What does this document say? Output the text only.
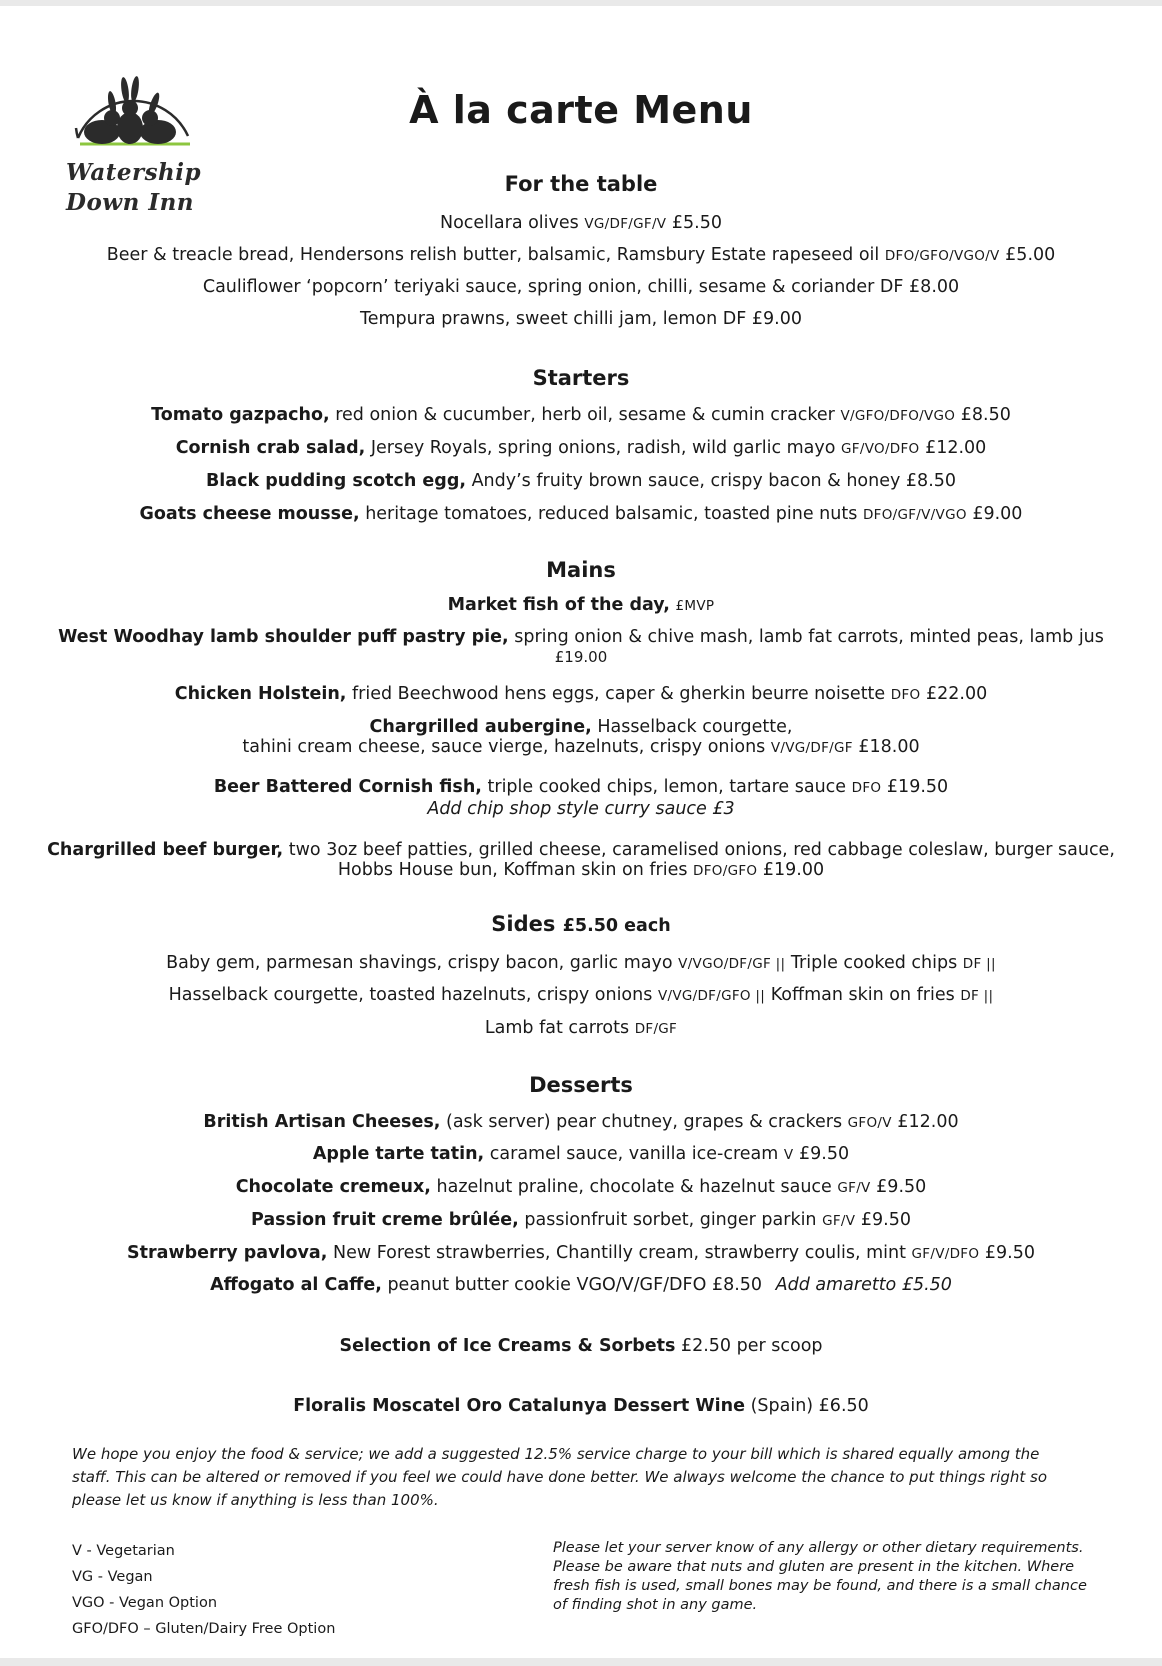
Watership
Down Inn
À la carte Menu
For the table
Nocellara olives VG/DF/GF/V £5.50
Beer & treacle bread, Hendersons relish butter, balsamic, Ramsbury Estate rapeseed oil DFO/GFO/VGO/V £5.00
Cauliflower ‘popcorn’ teriyaki sauce, spring onion, chilli, sesame & coriander DF £8.00
Tempura prawns, sweet chilli jam, lemon DF £9.00
Starters
Tomato gazpacho, red onion & cucumber, herb oil, sesame & cumin cracker V/GFO/DFO/VGO £8.50
Cornish crab salad, Jersey Royals, spring onions, radish, wild garlic mayo GF/VO/DFO £12.00
Black pudding scotch egg, Andy’s fruity brown sauce, crispy bacon & honey £8.50
Goats cheese mousse, heritage tomatoes, reduced balsamic, toasted pine nuts DFO/GF/V/VGO £9.00
Mains
Market fish of the day, £MVP
West Woodhay lamb shoulder puff pastry pie, spring onion & chive mash, lamb fat carrots, minted peas, lamb jus £19.00
Chicken Holstein, fried Beechwood hens eggs, caper & gherkin beurre noisette DFO £22.00
Chargrilled aubergine, Hasselback courgette,
tahini cream cheese, sauce vierge, hazelnuts, crispy onions V/VG/DF/GF £18.00
Beer Battered Cornish fish, triple cooked chips, lemon, tartare sauce DFO £19.50
Add chip shop style curry sauce £3
Chargrilled beef burger, two 3oz beef patties, grilled cheese, caramelised onions, red cabbage coleslaw, burger sauce, Hobbs House bun, Koffman skin on fries DFO/GFO £19.00
Sides £5.50 each
Baby gem, parmesan shavings, crispy bacon, garlic mayo V/VGO/DF/GF || Triple cooked chips DF ||
Hasselback courgette, toasted hazelnuts, crispy onions V/VG/DF/GFO || Koffman skin on fries DF ||
Lamb fat carrots DF/GF
Desserts
British Artisan Cheeses, (ask server) pear chutney, grapes & crackers GFO/V £12.00
Apple tarte tatin, caramel sauce, vanilla ice-cream V £9.50
Chocolate cremeux, hazelnut praline, chocolate & hazelnut sauce GF/V £9.50
Passion fruit creme brûlée, passionfruit sorbet, ginger parkin GF/V £9.50
Strawberry pavlova, New Forest strawberries, Chantilly cream, strawberry coulis, mint GF/V/DFO £9.50
Affogato al Caffe, peanut butter cookie VGO/V/GF/DFO £8.50 Add amaretto £5.50
Selection of Ice Creams & Sorbets £2.50 per scoop
Floralis Moscatel Oro Catalunya Dessert Wine (Spain) £6.50
We hope you enjoy the food & service; we add a suggested 12.5% service charge to your bill which is shared equally among the staff. This can be altered or removed if you feel we could have done better. We always welcome the chance to put things right so please let us know if anything is less than 100%.
V - Vegetarian
VG - Vegan
VGO - Vegan Option
GFO/DFO – Gluten/Dairy Free Option
Please let your server know of any allergy or other dietary requirements. Please be aware that nuts and gluten are present in the kitchen. Where fresh fish is used, small bones may be found, and there is a small chance of finding shot in any game.
